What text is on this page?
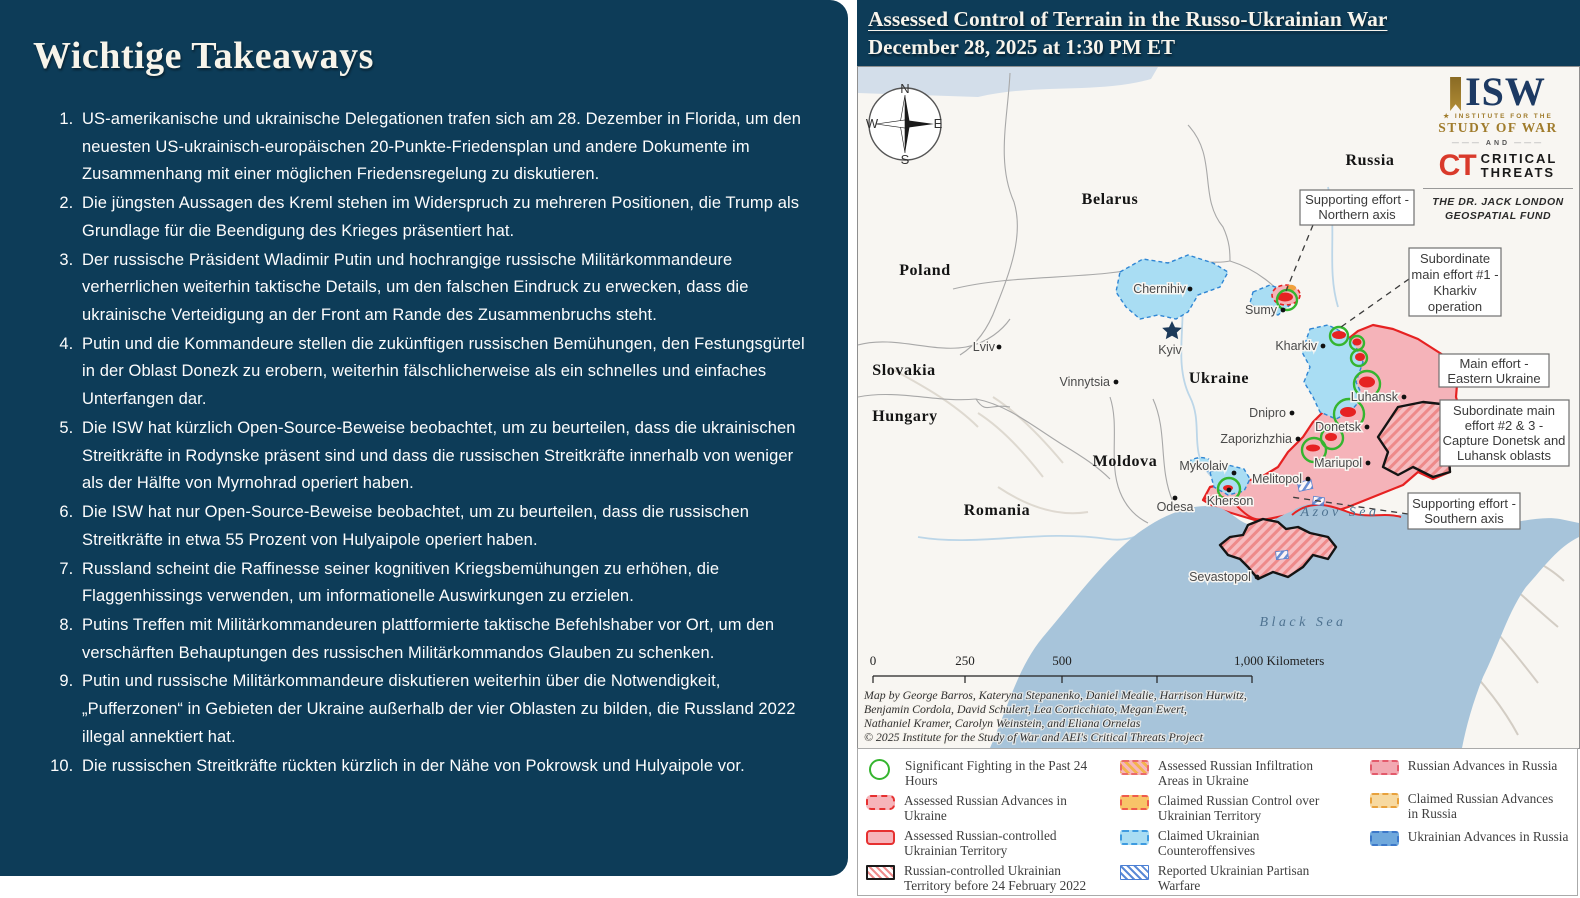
Wichtige Takeaways
1. US-amerikanische und ukrainische Delegationen trafen sich am 28. Dezember in Florida, um den neuesten US-ukrainisch-europäischen 20-Punkte-Friedensplan und andere Dokumente im Zusammenhang mit einer möglichen Friedensregelung zu diskutieren.
2. Die jüngsten Aussagen des Kreml stehen im Widerspruch zu mehreren Positionen, die Trump als Grundlage für die Beendigung des Krieges präsentiert hat.
3. Der russische Präsident Wladimir Putin und hochrangige russische Militärkommandeure verherrlichen weiterhin taktische Details, um den falschen Eindruck zu erwecken, dass die ukrainische Verteidigung an der Front am Rande des Zusammenbruchs steht.
4. Putin und die Kommandeure stellen die zukünftigen russischen Bemühungen, den Festungsgürtel in der Oblast Donezk zu erobern, weiterhin fälschlicherweise als ein schnelles und einfaches Unterfangen dar.
5. Die ISW hat kürzlich Open-Source-Beweise beobachtet, um zu beurteilen, dass die ukrainischen Streitkräfte in Rodynske präsent sind und dass die russischen Streitkräfte innerhalb von weniger als der Hälfte von Myrnohrad operiert haben.
6. Die ISW hat nur Open-Source-Beweise beobachtet, um zu beurteilen, dass die russischen Streitkräfte in etwa 55 Prozent von Hulyaipole operiert haben.
7. Russland scheint die Raffinesse seiner kognitiven Kriegsbemühungen zu erhöhen, die Flaggenhissings verwenden, um informationelle Auswirkungen zu erzielen.
8. Putins Treffen mit Militärkommandeuren plattformierte taktische Befehlshaber vor Ort, um den verschärften Behauptungen des russischen Militärkommandos Glauben zu schenken.
9. Putin und russische Militärkommandeure diskutieren weiterhin über die Notwendigkeit, „Pufferzonen“ in Gebieten der Ukraine außerhalb der vier Oblasten zu bilden, die Russland 2022 illegal annektiert hat.
10. Die russischen Streitkräfte rückten kürzlich in der Nähe von Pokrowsk und Hulyaipole vor.
Assessed Control of Terrain in the Russo-Ukrainian War
December 28, 2025 at 1:30 PM ET
N
E
S
W
Russia
Belarus
Poland
Slovakia
Hungary
Moldova
Romania
Ukraine
Azov Sea
Black Sea
Lviv
Vinnytsia
Chernihiv
Kyiv
Sumy
Kharkiv
Dnipro
Zaporizhzhia
Mykolaiv
Melitopol
Kherson
Mariupol
Donetsk
Luhansk
Odesa
Sevastopol
Supporting effort -
Northern axis
Subordinate
main effort #1 -
Kharkiv
operation
Main effort -
Eastern Ukraine
Subordinate main
effort #2 & 3 -
Capture Donetsk and
Luhansk oblasts
Supporting effort -
Southern axis
0	250	500	1,000 Kilometers
Map by George Barros, Kateryna Stepanenko, Daniel Mealie, Harrison Hurwitz,
Benjamin Cordola, David Schulert, Lea Corticchiato, Megan Ewert,
Nathaniel Kramer, Carolyn Weinstein, and Eliana Ornelas
© 2025 Institute for the Study of War and AEI's Critical Threats Project
ISW
★ INSTITUTE FOR THE
STUDY OF WAR
——— AND ———
CT CRITICAL
THREATS
THE DR. JACK LONDON
GEOSPATIAL FUND
Significant Fighting in the Past 24
Hours
Assessed Russian Advances in
Ukraine
Assessed Russian-controlled
Ukrainian Territory
Russian-controlled Ukrainian
Territory before 24 February 2022
Assessed Russian Infiltration
Areas in Ukraine
Claimed Russian Control over
Ukrainian Territory
Claimed Ukrainian
Counteroffensives
Reported Ukrainian Partisan
Warfare
Russian Advances in Russia
Claimed Russian Advances
in Russia
Ukrainian Advances in Russia
